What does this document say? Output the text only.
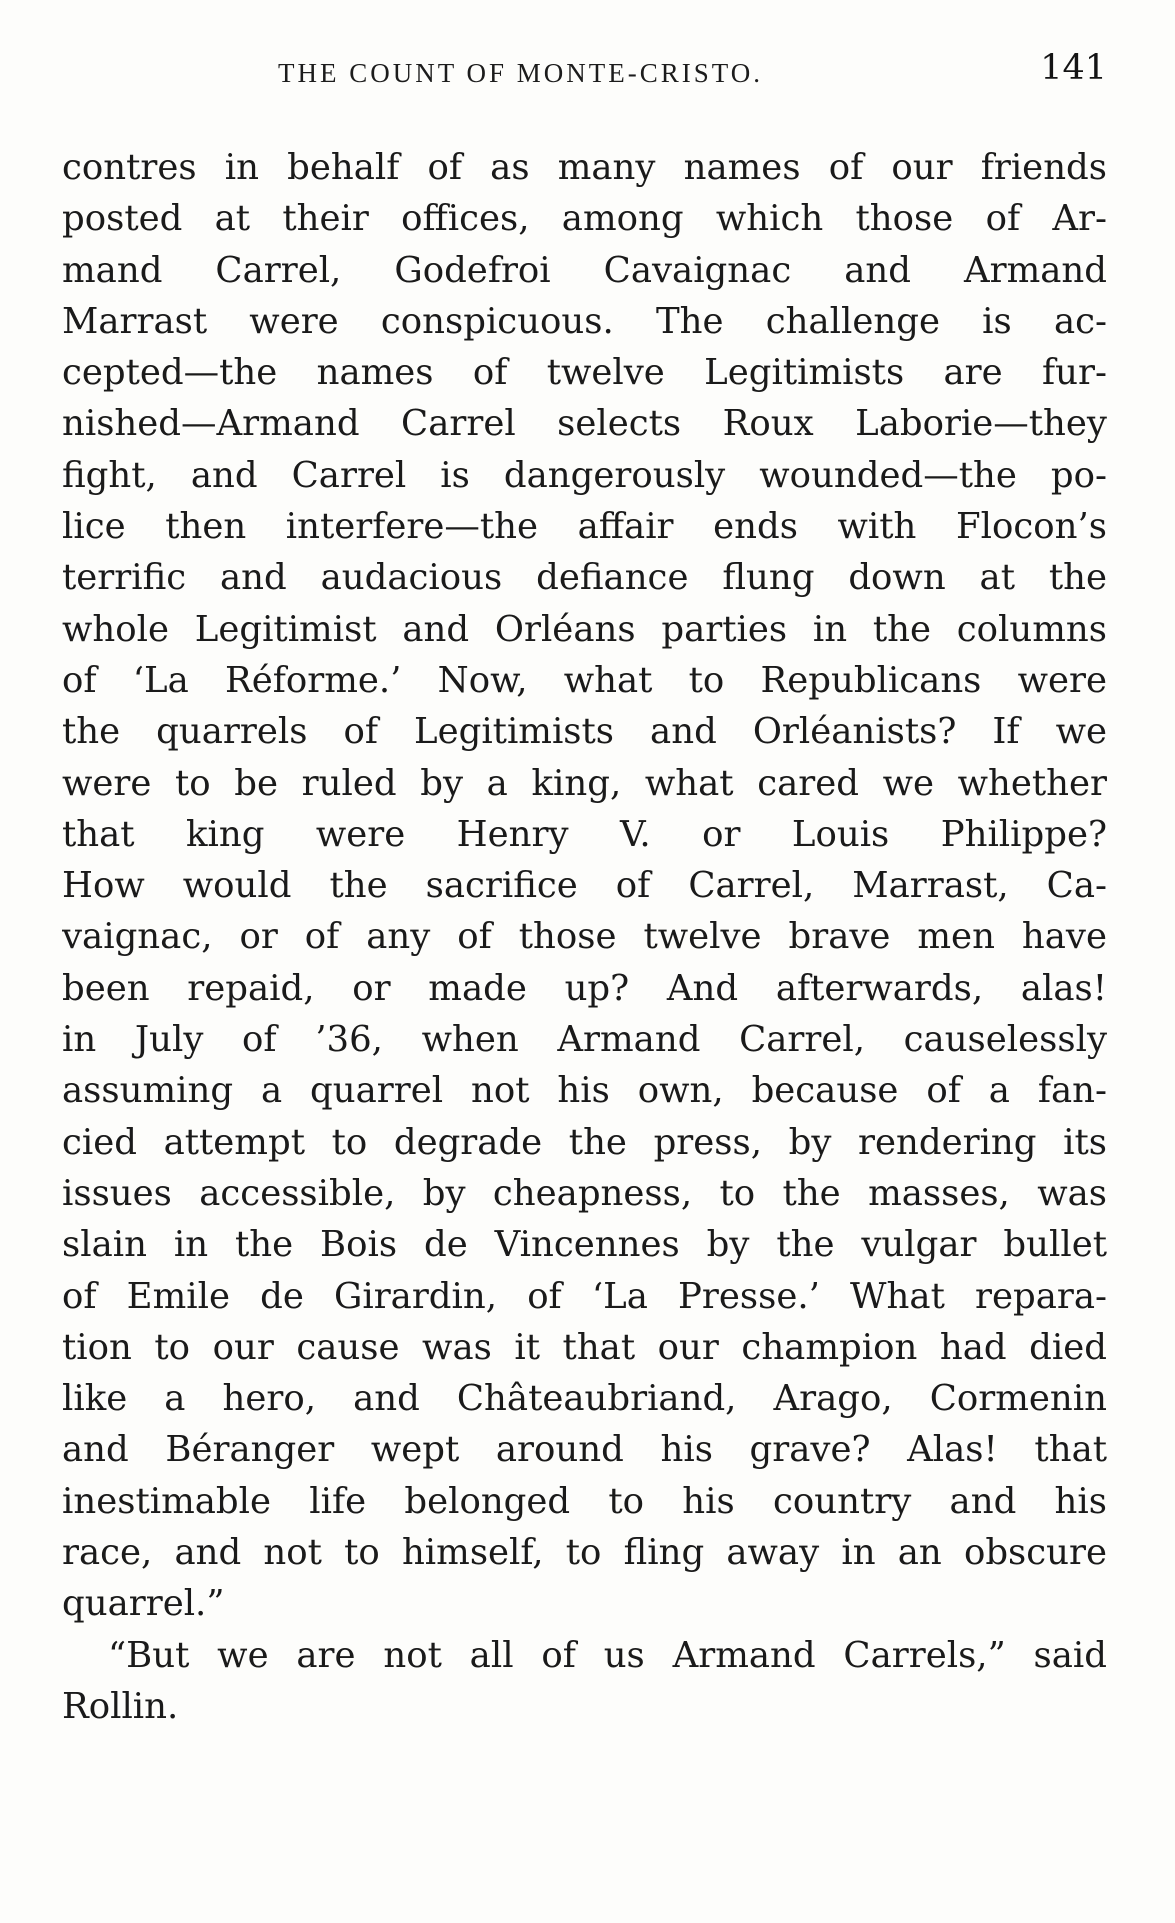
THE COUNT OF MONTE-CRISTO.	141
contres in behalf of as many names of our friends
posted at their offices, among which those of Ar-
mand Carrel, Godefroi Cavaignac and Armand
Marrast were conspicuous. The challenge is ac-
cepted—the names of twelve Legitimists are fur-
nished—Armand Carrel selects Roux Laborie—they
fight, and Carrel is dangerously wounded—the po-
lice then interfere—the affair ends with Flocon’s
terrific and audacious defiance flung down at the
whole Legitimist and Orléans parties in the columns
of ‘La Réforme.’ Now, what to Republicans were
the quarrels of Legitimists and Orléanists? If we
were to be ruled by a king, what cared we whether
that king were Henry V. or Louis Philippe?
How would the sacrifice of Carrel, Marrast, Ca-
vaignac, or of any of those twelve brave men have
been repaid, or made up? And afterwards, alas!
in July of ’36, when Armand Carrel, causelessly
assuming a quarrel not his own, because of a fan-
cied attempt to degrade the press, by rendering its
issues accessible, by cheapness, to the masses, was
slain in the Bois de Vincennes by the vulgar bullet
of Emile de Girardin, of ‘La Presse.’ What repara-
tion to our cause was it that our champion had died
like a hero, and Châteaubriand, Arago, Cormenin
and Béranger wept around his grave? Alas! that
inestimable life belonged to his country and his
race, and not to himself, to fling away in an obscure
quarrel.”
“But we are not all of us Armand Carrels,” said
Rollin.
